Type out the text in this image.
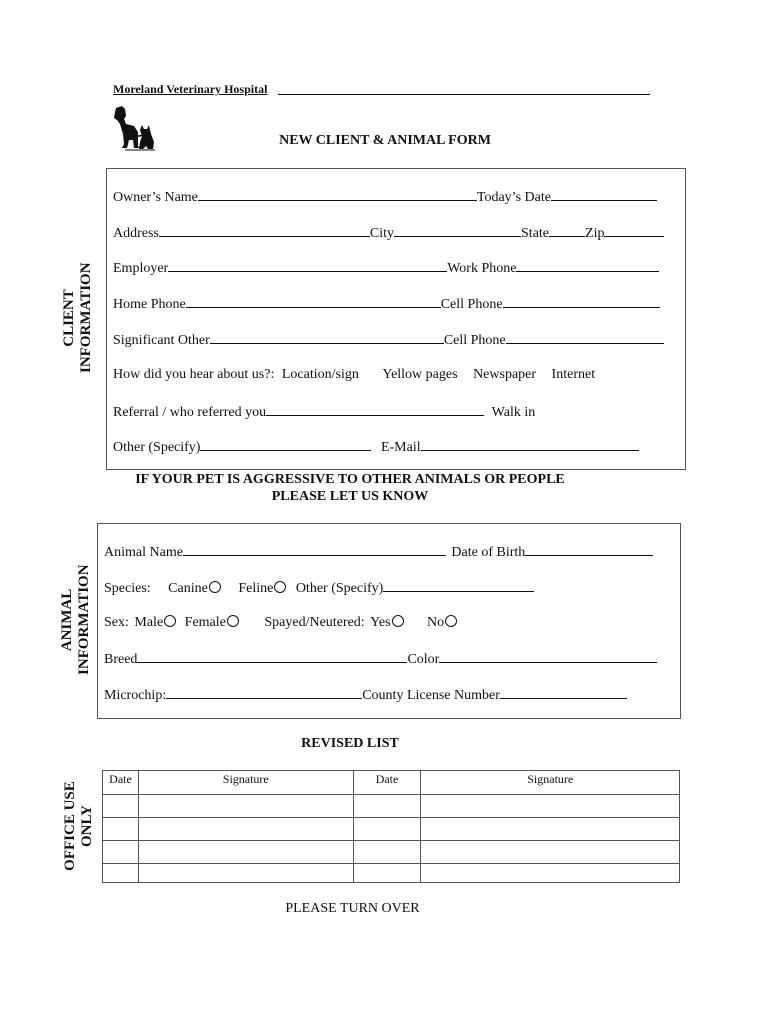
Moreland Veterinary Hospital
NEW CLIENT & ANIMAL FORM
CLIENT INFORMATION
Owner’s Name	Today’s Date
Address	City	State	Zip
Employer	Work Phone
Home Phone	Cell Phone
Significant Other	Cell Phone
How did you hear about us?: Location/sign Yellow pages Newspaper Internet
Referral / who referred you	Walk in
Other (Specify)	E-Mail
IF YOUR PET IS AGGRESSIVE TO OTHER ANIMALS OR PEOPLE
PLEASE LET US KNOW
ANIMAL INFORMATION
Animal Name	Date of Birth
Species: Canine Feline Other (Specify)
Sex: Male Female	Spayed/Neutered: Yes	No
Breed	Color
Microchip:	County License Number
REVISED LIST
OFFICE USE ONLY
Date	Signature	Date	Signature

PLEASE TURN OVER
